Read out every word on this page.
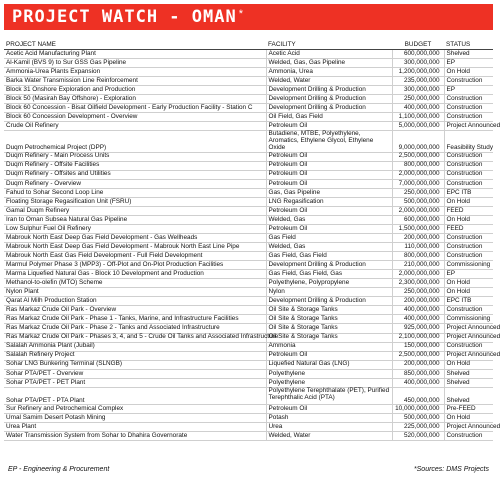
PROJECT WATCH - OMAN *
PROJECT NAME	FACILITY	BUDGET	STATUS
Acetic Acid Manufacturing Plant	Acetic Acid	600,000,000	Shelved
Al-Kamil (BVS 9) to Sur GSS Gas Pipeline	Welded, Gas, Gas Pipeline	300,000,000	EP
Ammonia-Urea Plants Expansion	Ammonia, Urea	1,200,000,000	On Hold
Barka Water Transmission Line Reinforcement	Welded, Water	235,000,000	Construction
Block 31 Onshore Exploration and Production	Development Drilling & Production	300,000,000	EP
Block 50 (Masirah Bay Offshore) - Exploration	Development Drilling & Production	250,000,000	Construction
Block 60 Concession - Bisat Oilfield Development - Early Production Facility - Station C	Development Drilling & Production	400,000,000	Construction
Block 60 Concession Development - Overview	Oil Field, Gas Field	1,100,000,000	Construction
Crude Oil Refinery	Petroleum Oil	5,000,000,000	Project Announced
Duqm Petrochemical Project (DPP)	Butadiene, MTBE, Polyethylene, Aromatics, Ethylene Glycol, Ethylene Oxide	9,000,000,000	Feasibility Study
Duqm Refinery - Main Process Units	Petroleum Oil	2,500,000,000	Construction
Duqm Refinery - Offsite Facilities	Petroleum Oil	800,000,000	Construction
Duqm Refinery - Offsites and Utilities	Petroleum Oil	2,000,000,000	Construction
Duqm Refinery - Overview	Petroleum Oil	7,000,000,000	Construction
Fahud to Sohar Second Loop Line	Gas, Gas Pipeline	250,000,000	EPC ITB
Floating Storage Regasification Unit (FSRU)	LNG Regasification	500,000,000	On Hold
Gamal Duqm Refinery	Petroleum Oil	2,000,000,000	FEED
Iran to Oman Subsea Natural Gas Pipeline	Welded, Gas	600,000,000	On Hold
Low Sulphur Fuel Oil Refinery	Petroleum Oil	1,500,000,000	FEED
Mabrouk North East Deep Gas Field Development - Gas Wellheads	Gas Field	200,000,000	Construction
Mabrouk North East Deep Gas Field Development - Mabrouk North East Line Pipe	Welded, Gas	110,000,000	Construction
Mabrouk North East Gas Field Development - Full Field Development	Gas Field, Gas Field	800,000,000	Construction
Marmul Polymer Phase 3 (MPP3) - Off-Plot and On-Plot Production Facilities	Development Drilling & Production	210,000,000	Commissioning
Marma Liquefied Natural Gas - Block 10 Development and Production	Gas Field, Gas Field, Gas	2,000,000,000	EP
Methanol-to-olefin (MTO) Scheme	Polyethylene, Polypropylene	2,300,000,000	On Hold
Nylon Plant	Nylon	250,000,000	On Hold
Qarat Al Milh Production Station	Development Drilling & Production	200,000,000	EPC ITB
Ras Markaz Crude Oil Park - Overview	Oil Site & Storage Tanks	400,000,000	Construction
Ras Markaz Crude Oil Park - Phase 1 - Tanks, Marine, and Infrastructure Facilities	Oil Site & Storage Tanks	400,000,000	Commissioning
Ras Markaz Crude Oil Park - Phase 2 - Tanks and Associated Infrastructure	Oil Site & Storage Tanks	925,000,000	Project Announced
Ras Markaz Crude Oil Park - Phases 3, 4, and 5 - Crude Oil Tanks and Associated Infrastructure	Oil Site & Storage Tanks	2,100,000,000	Project Announced
Salalah Ammonia Plant (Jubail)	Ammonia	150,000,000	Construction
Salalah Refinery Project	Petroleum Oil	2,500,000,000	Project Announced
Sohar LNG Bunkering Terminal (SLNGB)	Liquefied Natural Gas (LNG)	200,000,000	On Hold
Sohar PTA/PET - Overview	Polyethylene	850,000,000	Shelved
Sohar PTA/PET - PET Plant	Polyethylene	400,000,000	Shelved
Sohar PTA/PET - PTA Plant	Polyethylene Terephthalate (PET), Purified Terephthalic Acid (PTA)	450,000,000	Shelved
Sur Refinery and Petrochemical Complex	Petroleum Oil	10,000,000,000	Pre-FEED
Umal Samim Desert Potash Mining	Potash	500,000,000	On Hold
Urea Plant	Urea	225,000,000	Project Announced
Water Transmission System from Sohar to Dhahira Governorate	Welded, Water	520,000,000	Construction
EP - Engineering & Procurement	*Sources: DMS Projects
